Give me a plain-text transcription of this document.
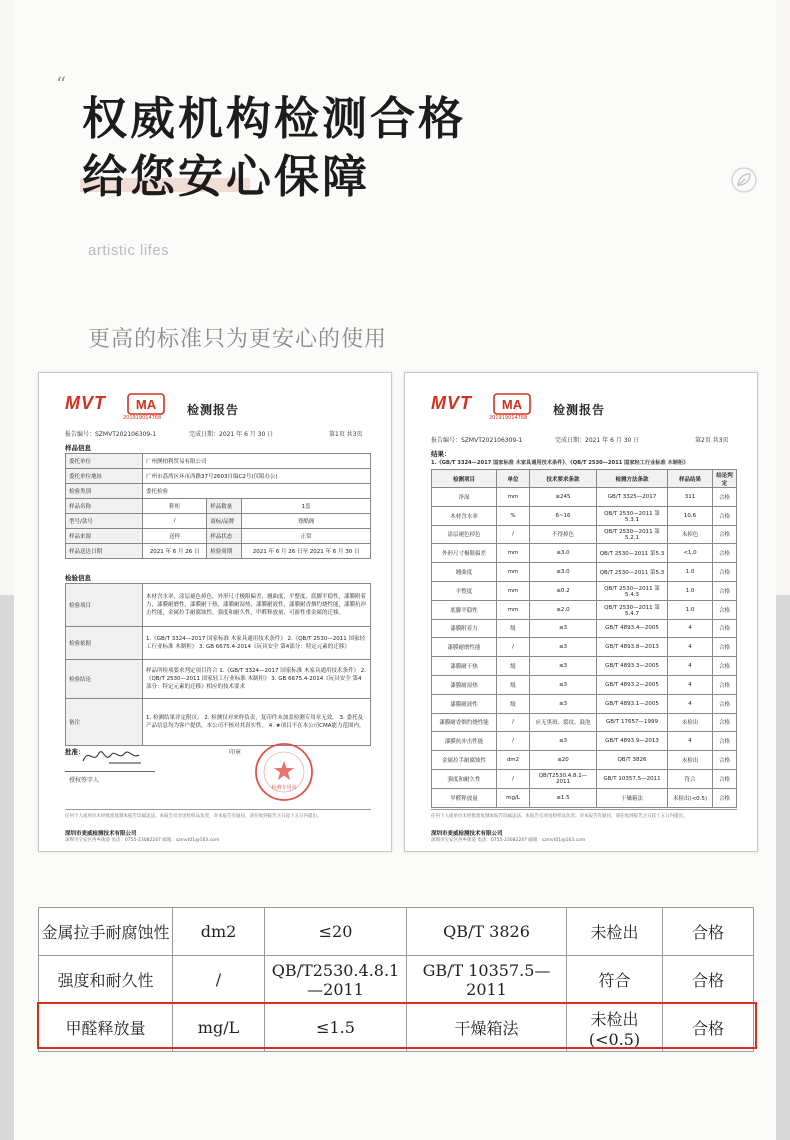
“
权威机构检测合格
给您安心保障
artistic lifes
更高的标准只为更安心的使用
MVT MA
201919014768
检测报告
报告编号：SZMVT202106309-1	完成日期：2021 年 6 月 30 日	第1页 共3页
样品信息
委托单位	广州澳柏利贸易有限公司		
委托单位地址	广州市荔湾区环市西路37号2603自编C2号(仅限办公)		
检验类别	委托检验		
样品名称	鞋柜	样品数量	1套
型号/款号	/	商标/品牌	尊酷阁
样品来源	送样	样品状态	正常
样品送达日期	2021 年 6 月 26 日	检验周期	2021 年 6 月 26 日至 2021 年 6 月 30 日
检验信息
检验项目	木材含水率，涂层褪色掉色，外形尺寸极限偏差，翘曲度，平整度，底脚平稳性，漆膜附着力，漆膜耐磨性，漆膜耐干热，漆膜耐湿热，漆膜耐液性，漆膜耐香烟灼烧性能，漆膜抗冲击性能，金属拉手耐腐蚀性，强度和耐久性，甲醛释放量，可游性重金属的迁移。
检验依据	1.《GB/T 3324—2017 国家标准 木家具通用技术条件》 2.《QB/T 2530—2011 国家轻工行业标准 木制柜》 3. GB 6675.4-2014《玩具安全 第4部分：特定元素的迁移》
检验结论	样品所检项要求判定项目符合 1.《GB/T 3324—2017 国家标准 木家具通用技术条件》 2.《QB/T 2530—2011 国家轻工行业标准 木制柜》 3. GB 6675.4-2014《玩具安全 第4部分：特定元素的迁移》相应的技术要求
备注	1. 检测结果评定附页。 2. 检测仅对来样负责，复印件未加盖检测专用章无效。 3. 委托及产品信息均为客户提供，本公司不核对其真实性。 4. ★项目不在本公司CMA能力范围内。
批准：
授权签字人
印章
检测专用章
任何个人或单位未经批准复制本报告均属违法，本报告仅对送检样品负责。对本报告有疑问，请在收到报告之日起十五日内提出。
深圳市麦威检测技术有限公司
深圳市宝安区西乡街道 电话：0755-23082247 邮箱：szmvt01@163.com
MVT MA
201919014768
检测报告
报告编号：SZMVT202106309-1	完成日期：2021 年 6 月 30 日	第2页 共3页
结果：
1.《GB/T 3324—2017 国家标准 木家具通用技术条件》、《QB/T 2530—2011 国家轻工行业标准 木制柜》
检测项目	单位	技术要求条款	检测方法条款	样品结果	结论判定
净深	mm	≥245	GB/T 3325—2017	311	合格
木材含水率	%	6~16	QB/T 2530—2011 第5.3.1	10.6	合格
涂层褪色掉色	/	不得掉色	QB/T 2530—2011 第5.2.1	未掉色	合格
外形尺寸极限偏差	mm	≤3.0	QB/T 2530—2011 第5.3	<1.0	合格
翘曲度	mm	≤3.0	QB/T 2530—2011 第5.3	1.0	合格
平整度	mm	≤0.2	QB/T 2530—2011 第5.4.3	1.0	合格
底脚平稳性	mm	≤2.0	QB/T 2530—2011 第5.4.7	1.0	合格
漆膜附着力	级	≤3	GB/T 4893.4—2005	4	合格
漆膜耐磨性能	/	≤3	GB/T 4893.8—2013	4	合格
漆膜耐干热	级	≤3	GB/T 4893.3—2005	4	合格
漆膜耐湿热	级	≤3	GB/T 4893.2—2005	4	合格
漆膜耐液性	级	≤3	GB/T 4893.1—2005	4	合格
漆膜耐香烟灼烧性能	/	应无黑斑、裂纹、鼓泡	GB/T 17657—1999	未检出	合格
漆膜抗冲击性能	/	≤3	GB/T 4893.9—2013	4	合格
金属拉手耐腐蚀性	dm2	≤20	QB/T 3826	未检出	合格
强度和耐久性	/	QB/T2530.4.8.1—2011	GB/T 10357.5—2011	符合	合格
甲醛释放量	mg/L	≤1.5	干燥箱法	未检出(<0.5)	合格
任何个人或单位未经批准复制本报告均属违法，本报告仅对送检样品负责。对本报告有疑问，请在收到报告之日起十五日内提出。
深圳市麦威检测技术有限公司
深圳市宝安区西乡街道 电话：0755-23082247 邮箱：szmvt01@163.com
金属拉手耐腐蚀性	dm2	≤20	QB/T 3826	未检出	合格
强度和耐久性	/	QB/T2530.4.8.1—2011	GB/T 10357.5—2011	符合	合格
甲醛释放量	mg/L	≤1.5	干燥箱法	未检出(<0.5)	合格
